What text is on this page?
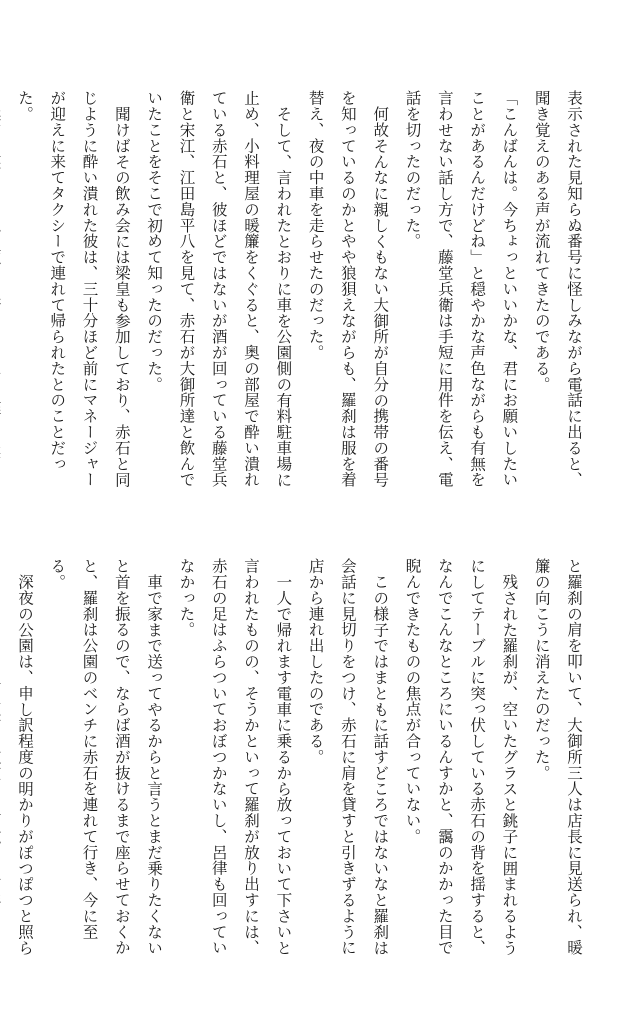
表示された見知らぬ番号に怪しみながら電話に出ると、聞き覚えのある声が流れてきたのである。

「こんばんは。今ちょっといいかな、君にお願いしたいことがあるんだけどね」と穏やかな声色ながらも有無を言わせない話し方で、藤堂兵衛は手短に用件を伝え、電話を切ったのだった。

何故そんなに親しくもない大御所が自分の携帯の番号を知っているのかとやや狼狽えながらも、羅刹は服を着替え、夜の中車を走らせたのだった。

そして、言われたとおりに車を公園側の有料駐車場に止め、小料理屋の暖簾をくぐると、奥の部屋で酔い潰れている赤石と、彼ほどではないが酒が回っている藤堂兵衛と宋江、江田島平八を見て、赤石が大御所達と飲んでいたことをそこで初めて知ったのだった。

聞けばその飲み会には梁皇も参加しており、赤石と同じように酔い潰れた彼は、三十分ほど前にマネージャーが迎えに来てタクシーで連れて帰られたとのことだった。

と羅刹の肩を叩いて、大御所三人は店長に見送られ、暖簾の向こうに消えたのだった。

残された羅刹が、空いたグラスと銚子に囲まれるようにしてテーブルに突っ伏している赤石の背を揺すると、なんでこんなところにいるんすかと、靄のかかった目で睨んできたものの焦点が合っていない。

この様子ではまともに話すどころではないなと羅刹は会話に見切りをつけ、赤石に肩を貸すと引きずるように店から連れ出したのである。

一人で帰れます電車に乗るから放っておいて下さいと言われたものの、そうかといって羅刹が放り出すには、赤石の足はふらついておぼつかないし、呂律も回っていなかった。

車で家まで送ってやるからと言うとまだ乗りたくないと首を振るので、ならば酒が抜けるまで座らせておくかと、羅刹は公園のベンチに赤石を連れて行き、今に至る。

深夜の公園は、申し訳程度の明かりがぽつぽつと照ら
